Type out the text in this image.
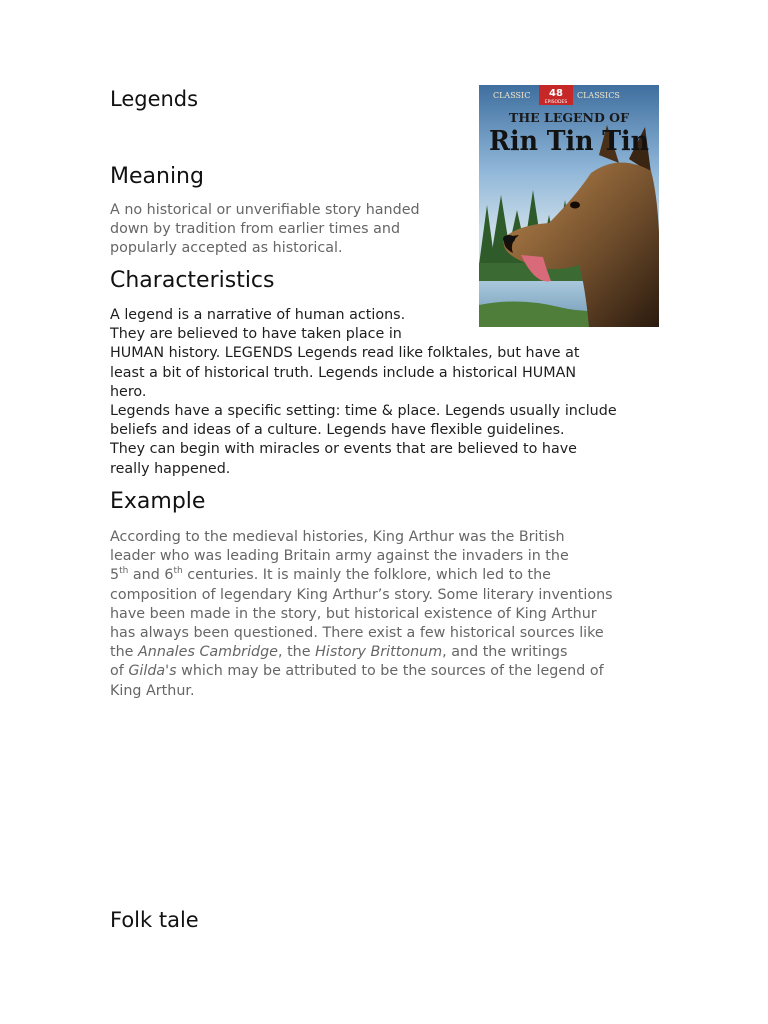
Legends
Meaning
A no historical or unverifiable story handed
down by tradition from earlier times and
popularly accepted as historical.
Characteristics
A legend is a narrative of human actions.
They are believed to have taken place in
HUMAN history. LEGENDS Legends read like folktales, but have at
least a bit of historical truth. Legends include a historical HUMAN
hero.
Legends have a specific setting: time & place. Legends usually include
beliefs and ideas of a culture. Legends have flexible guidelines.
They can begin with miracles or events that are believed to have
really happened.
Example
According to the medieval histories, King Arthur was the British
leader who was leading Britain army against the invaders in the
5th and 6th centuries. It is mainly the folklore, which led to the
composition of legendary King Arthur’s story. Some literary inventions
have been made in the story, but historical existence of King Arthur
has always been questioned. There exist a few historical sources like
the Annales Cambridge, the History Brittonum, and the writings
of Gilda's which may be attributed to be the sources of the legend of
King Arthur.
Folk tale
48
EPISODES
CLASSIC	CLASSICS
THE LEGEND OF
Rin Tin Tin
